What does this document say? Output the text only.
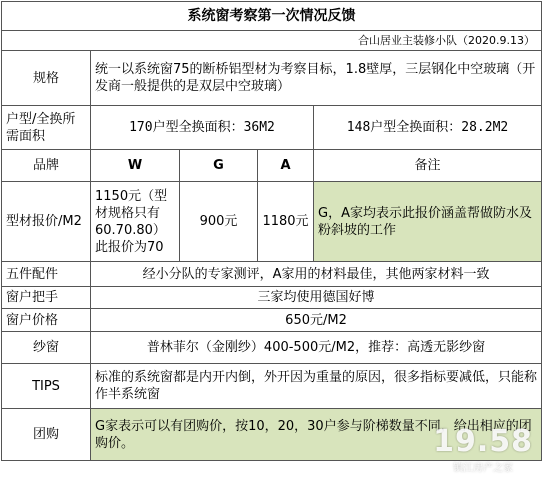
系统窗考察第一次情况反馈				
合山居业主装修小队（2020.9.13）				
规格	统一以系统窗75的断桥铝型材为考察目标，1.8壁厚，三层钢化中空玻璃（开发商一般提供的是双层中空玻璃）			
户型/全换所需面积	170户型全换面积：36M2			148户型全换面积：28.2M2
品牌	W	G	A	备注
型材报价/M2	1150元（型材规格只有60.70.80）此报价为70	900元	1180元	G，A家均表示此报价涵盖帮做防水及粉斜坡的工作
五件配件	经小分队的专家测评，A家用的材料最佳，其他两家材料一致			
窗户把手	三家均使用德国好博			
窗户价格	650元/M2			
纱窗	普林菲尔（金刚纱）400-500元/M2，推荐：高透无影纱窗			
TIPS	标准的系统窗都是内开内倒，外开因为重量的原因，很多指标要减低，只能称作半系统窗			
团购	G家表示可以有团购价，按10，20，30户参与阶梯数量不同，给出相应的团购价。				19.58
镇江房产之家
